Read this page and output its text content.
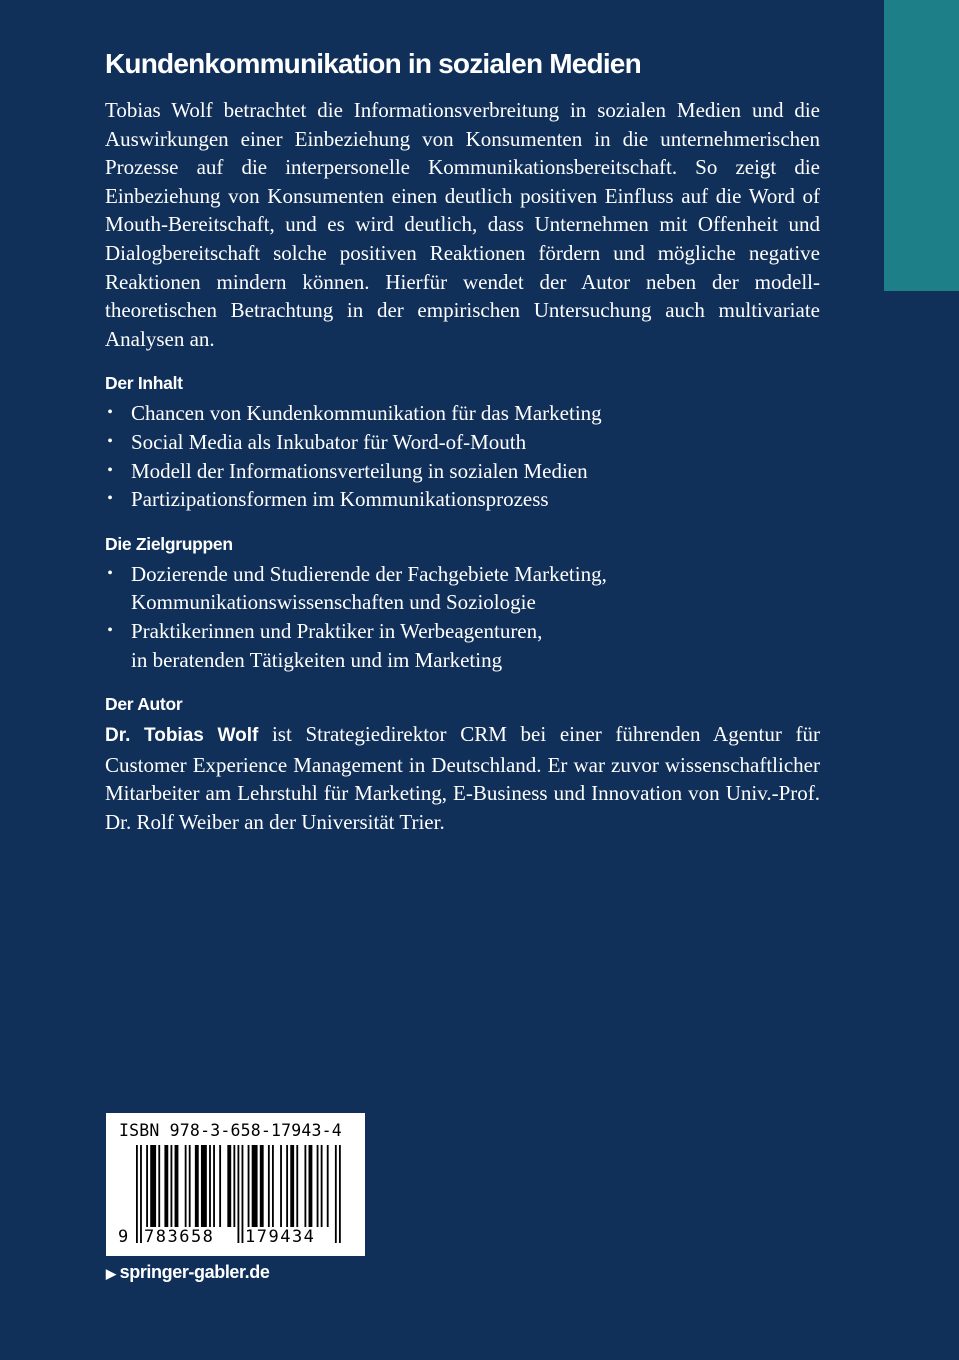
Kundenkommunikation in sozialen Medien

Tobias Wolf betrachtet die Informationsverbreitung in sozialen Medien und die Auswirkungen einer Einbeziehung von Konsumenten in die unternehmerischen Prozesse auf die interpersonelle Kommunikationsbereitschaft. So zeigt die Einbeziehung von Konsumenten einen deutlich positiven Einfluss auf die Word of Mouth-Bereitschaft, und es wird deutlich, dass Unternehmen mit Offenheit und Dialogbereitschaft solche positiven Reaktionen fördern und mögliche negative Reaktionen mindern können. Hierfür wendet der Autor neben der modell-theoretischen Betrachtung in der empirischen Untersuchung auch multivariate Analysen an.

Der Inhalt
• Chancen von Kundenkommunikation für das Marketing
• Social Media als Inkubator für Word-of-Mouth
• Modell der Informationsverteilung in sozialen Medien
• Partizipationsformen im Kommunikationsprozess
Die Zielgruppen
• Dozierende und Studierende der Fachgebiete Marketing,
Kommunikationswissenschaften und Soziologie
• Praktikerinnen und Praktiker in Werbeagenturen,
in beratenden Tätigkeiten und im Marketing
Der Autor

Dr. Tobias Wolf ist Strategiedirektor CRM bei einer führenden Agentur für Customer Experience Management in Deutschland. Er war zuvor wissenschaftlicher Mitarbeiter am Lehrstuhl für Marketing, E-Business und Innovation von Univ.-Prof. Dr. Rolf Weiber an der Universität Trier.

ISBN 978-3-658-17943-4
9 783658 179434
▶ springer-gabler.de
